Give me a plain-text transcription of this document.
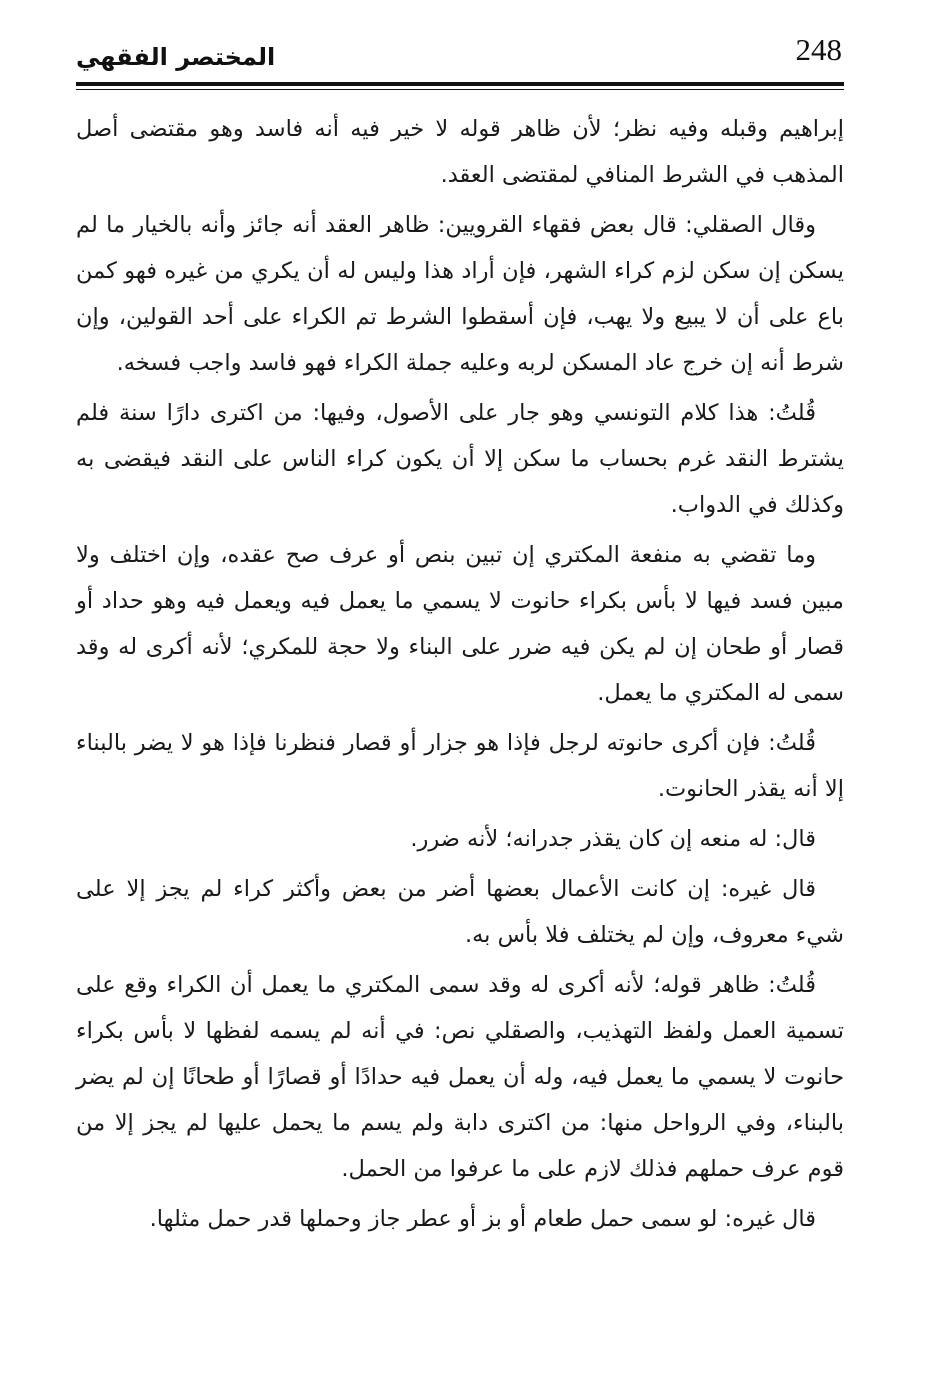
248
المختصر الفقهي

إبراهيم وقبله وفيه نظر؛ لأن ظاهر قوله لا خير فيه أنه فاسد وهو مقتضى أصل المذهب في الشرط المنافي لمقتضى العقد.

وقال الصقلي: قال بعض فقهاء القرويين: ظاهر العقد أنه جائز وأنه بالخيار ما لم يسكن إن سكن لزم كراء الشهر، فإن أراد هذا وليس له أن يكري من غيره فهو كمن باع على أن لا يبيع ولا يهب، فإن أسقطوا الشرط تم الكراء على أحد القولين، وإن شرط أنه إن خرج عاد المسكن لربه وعليه جملة الكراء فهو فاسد واجب فسخه.

قُلتُ: هذا كلام التونسي وهو جار على الأصول، وفيها: من اكترى دارًا سنة فلم يشترط النقد غرم بحساب ما سكن إلا أن يكون كراء الناس على النقد فيقضى به وكذلك في الدواب.

وما تقضي به منفعة المكتري إن تبين بنص أو عرف صح عقده، وإن اختلف ولا مبين فسد فيها لا بأس بكراء حانوت لا يسمي ما يعمل فيه ويعمل فيه وهو حداد أو قصار أو طحان إن لم يكن فيه ضرر على البناء ولا حجة للمكري؛ لأنه أكرى له وقد سمى له المكتري ما يعمل.

قُلتُ: فإن أكرى حانوته لرجل فإذا هو جزار أو قصار فنظرنا فإذا هو لا يضر بالبناء إلا أنه يقذر الحانوت.

قال: له منعه إن كان يقذر جدرانه؛ لأنه ضرر.

قال غيره: إن كانت الأعمال بعضها أضر من بعض وأكثر كراء لم يجز إلا على شيء معروف، وإن لم يختلف فلا بأس به.

قُلتُ: ظاهر قوله؛ لأنه أكرى له وقد سمى المكتري ما يعمل أن الكراء وقع على تسمية العمل ولفظ التهذيب، والصقلي نص: في أنه لم يسمه لفظها لا بأس بكراء حانوت لا يسمي ما يعمل فيه، وله أن يعمل فيه حدادًا أو قصارًا أو طحانًا إن لم يضر بالبناء، وفي الرواحل منها: من اكترى دابة ولم يسم ما يحمل عليها لم يجز إلا من قوم عرف حملهم فذلك لازم على ما عرفوا من الحمل.

قال غيره: لو سمى حمل طعام أو بز أو عطر جاز وحملها قدر حمل مثلها.
